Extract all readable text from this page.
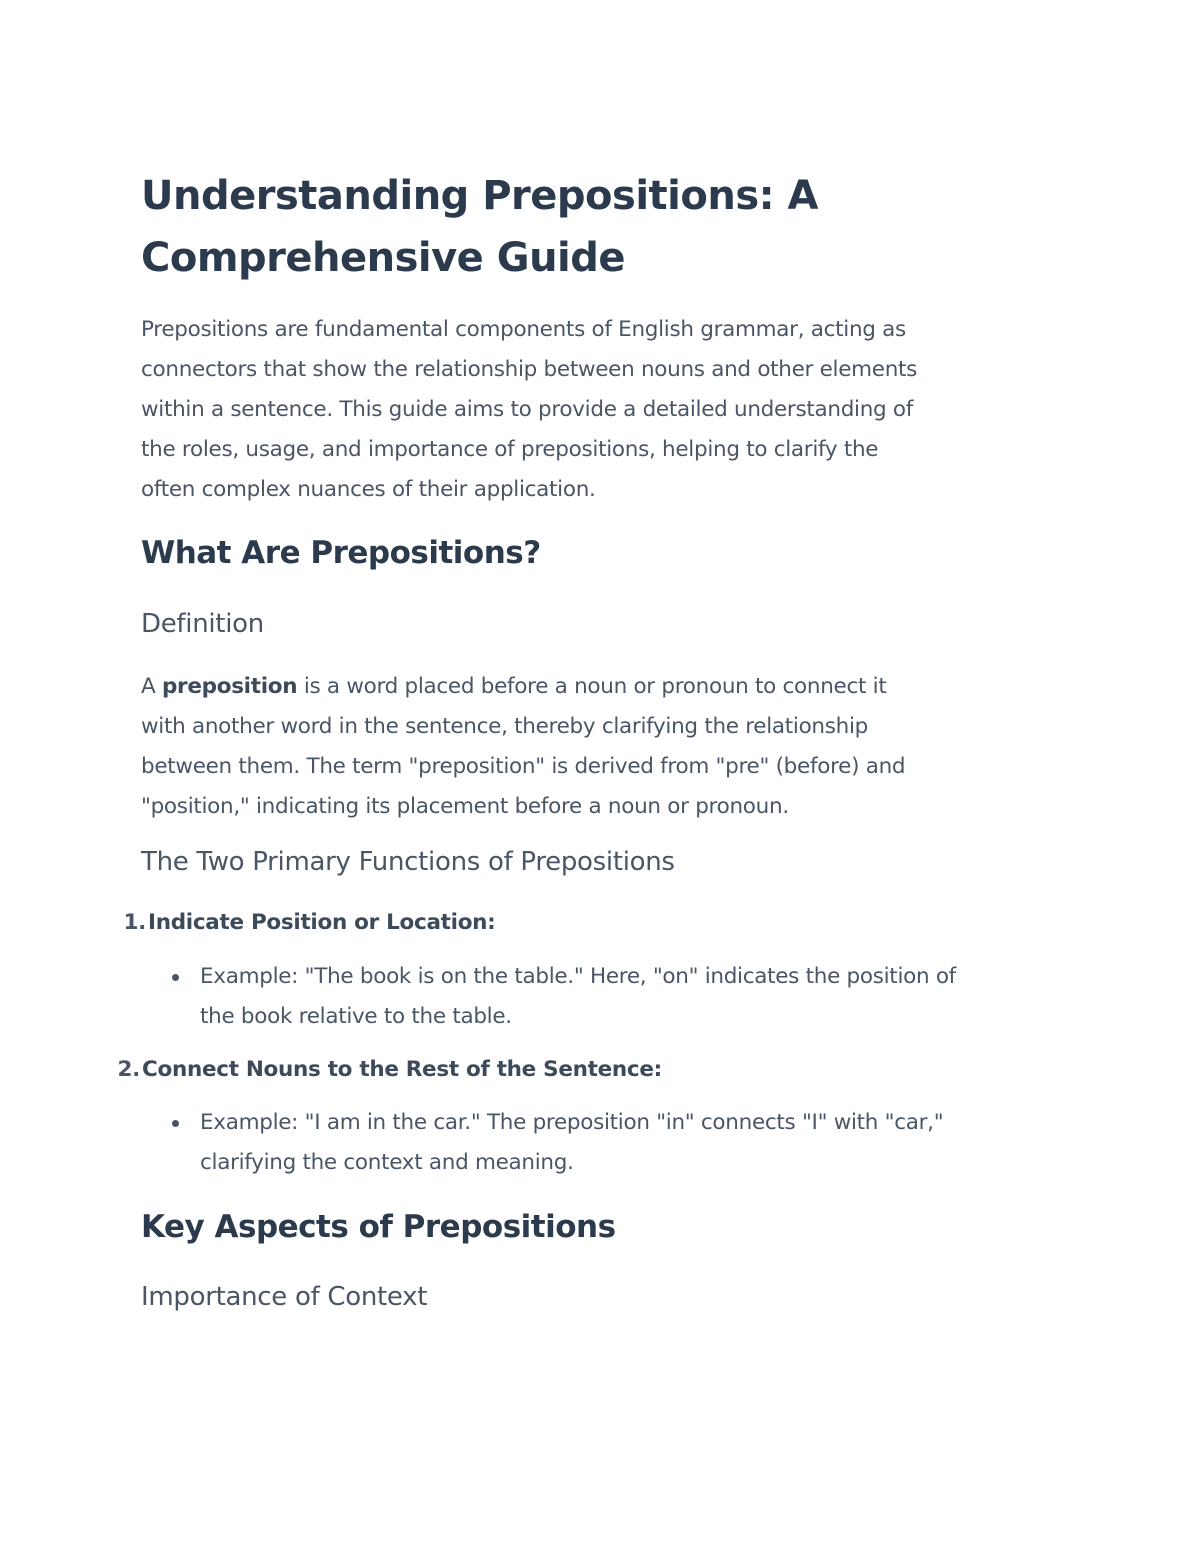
Understanding Prepositions: A
Comprehensive Guide
Prepositions are fundamental components of English grammar, acting as
connectors that show the relationship between nouns and other elements
within a sentence. This guide aims to provide a detailed understanding of
the roles, usage, and importance of prepositions, helping to clarify the
often complex nuances of their application.
What Are Prepositions?
Definition
A preposition is a word placed before a noun or pronoun to connect it
with another word in the sentence, thereby clarifying the relationship
between them. The term "preposition" is derived from "pre" (before) and
"position," indicating its placement before a noun or pronoun.
The Two Primary Functions of Prepositions
1.Indicate Position or Location:
Example: "The book is on the table." Here, "on" indicates the position of
the book relative to the table.
2.Connect Nouns to the Rest of the Sentence:
Example: "I am in the car." The preposition "in" connects "I" with "car,"
clarifying the context and meaning.
Key Aspects of Prepositions
Importance of Context
